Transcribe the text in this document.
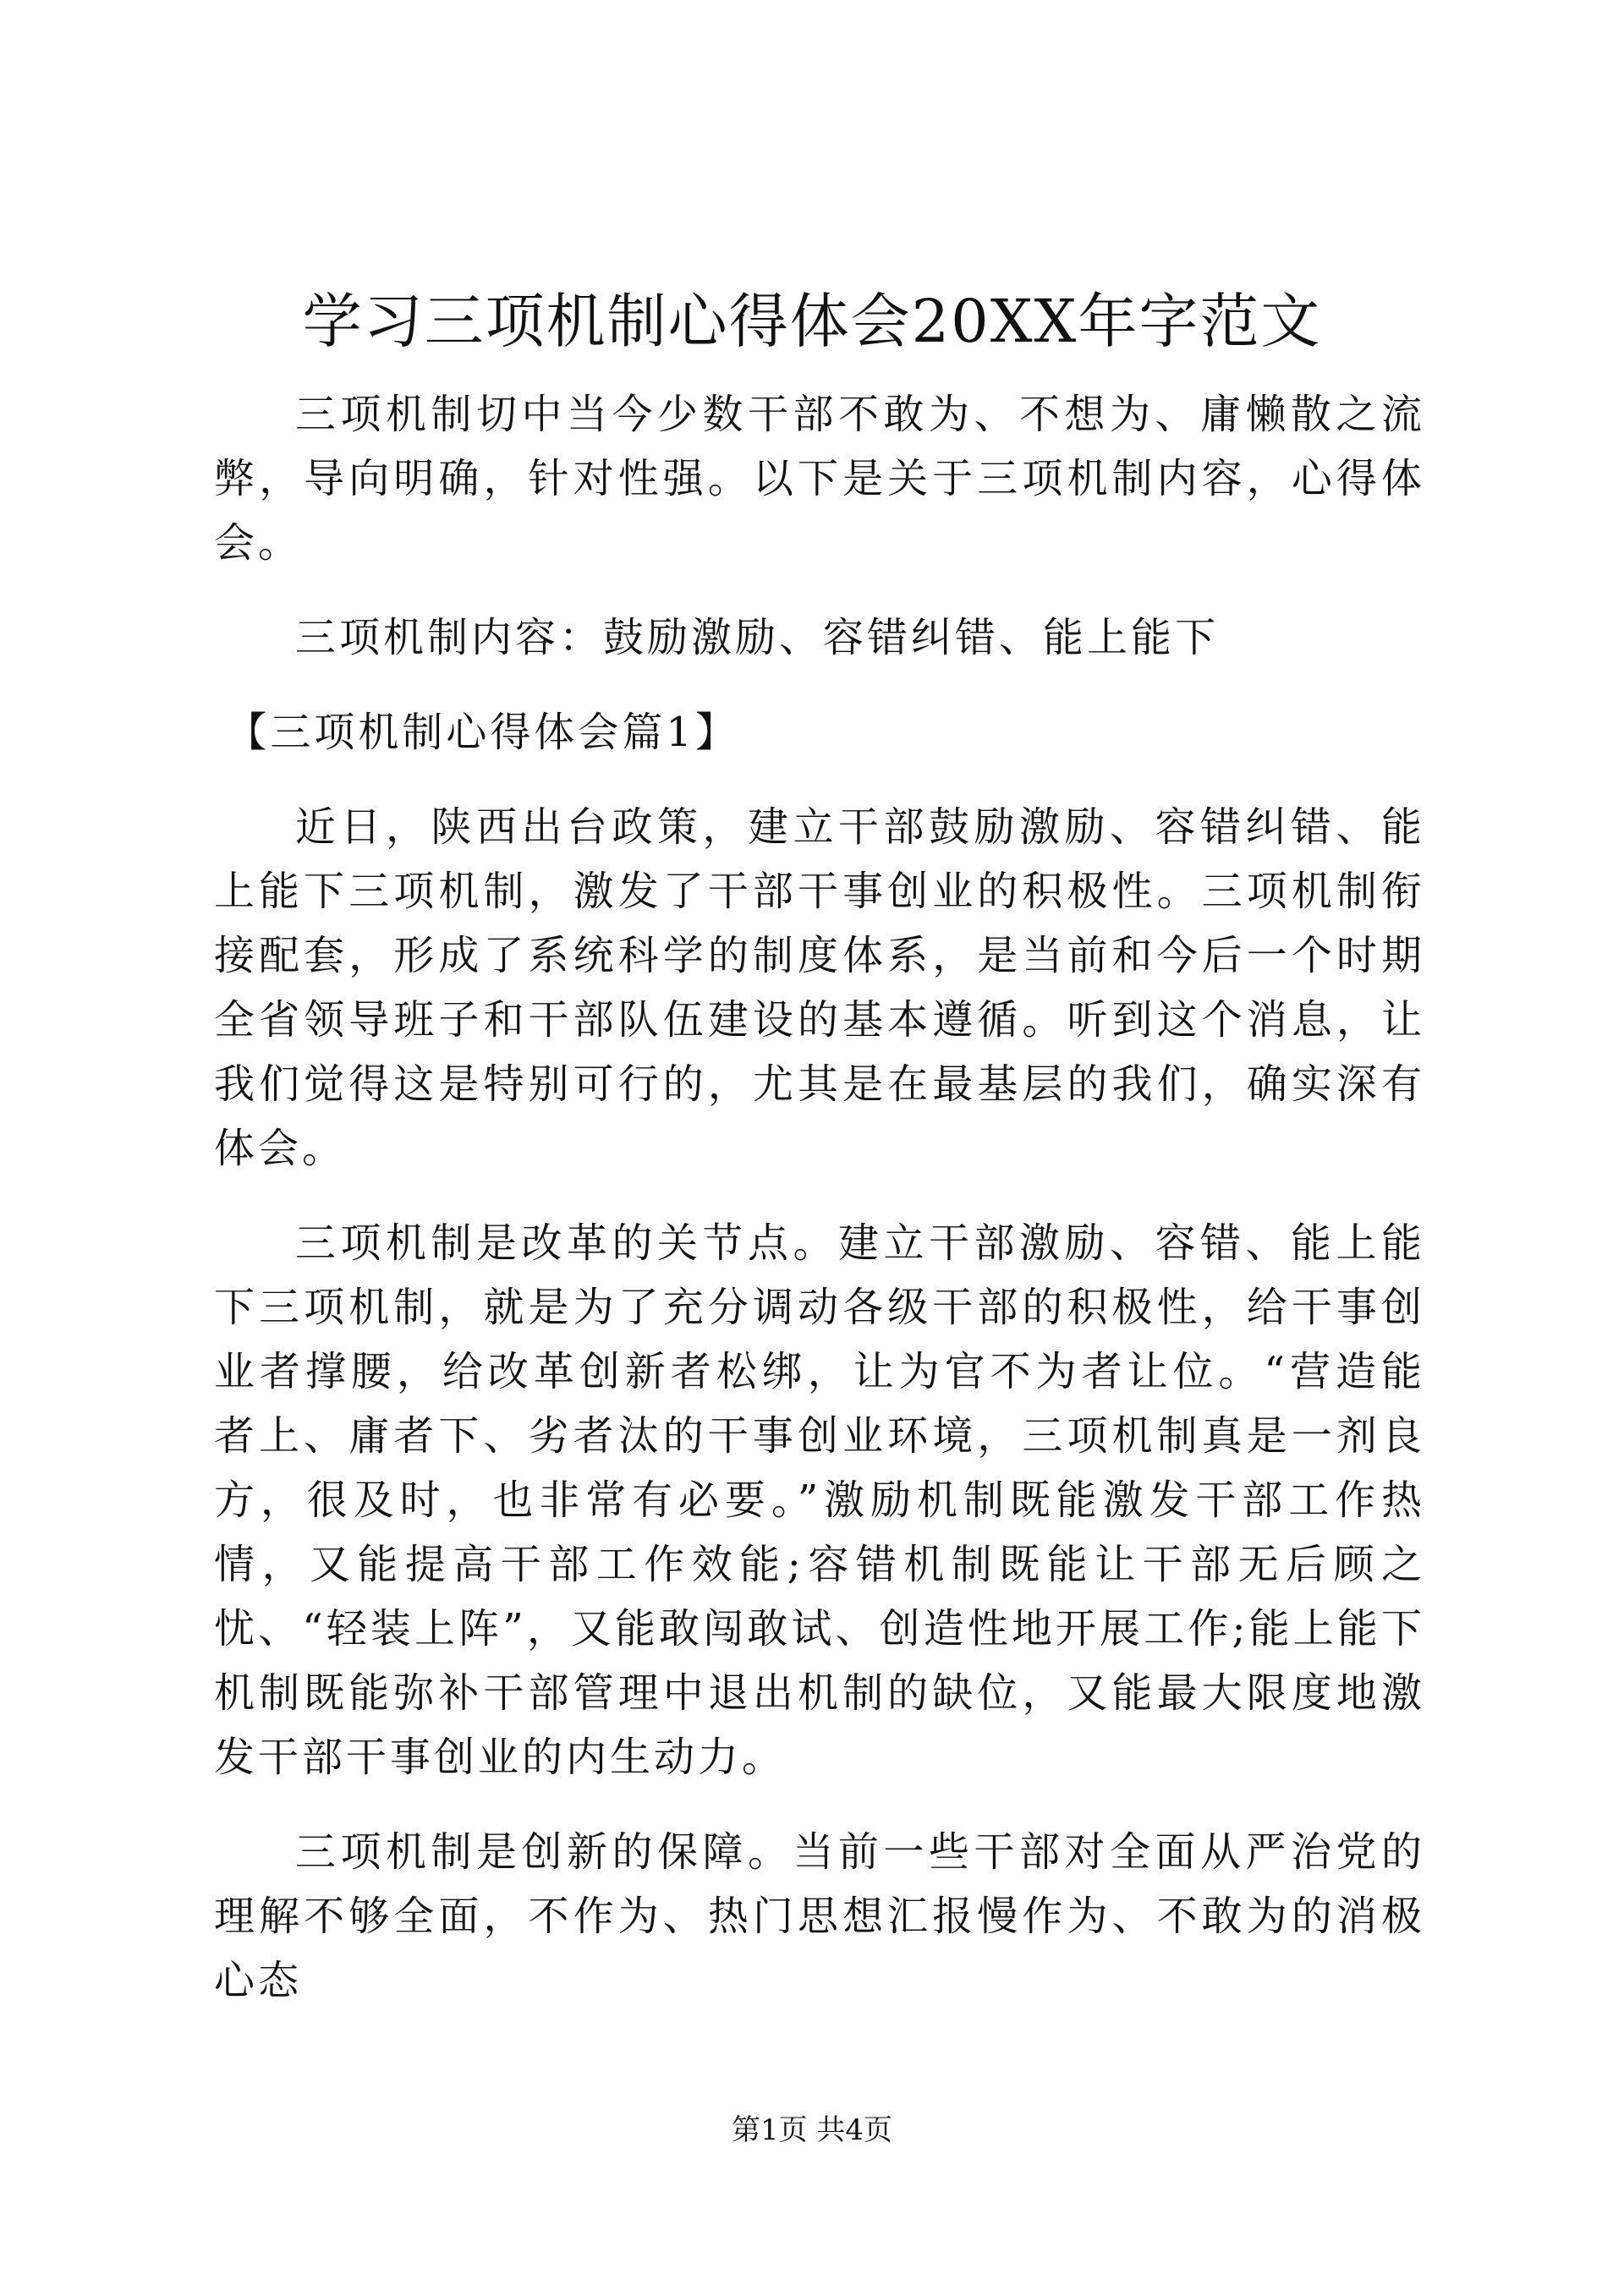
学习三项机制心得体会20XX年字范文

三项机制切中当今少数干部不敢为、不想为、庸懒散之流弊，导向明确，针对性强。以下是关于三项机制内容，心得体会。

三项机制内容：鼓励激励、容错纠错、能上能下

【三项机制心得体会篇1】

近日，陕西出台政策，建立干部鼓励激励、容错纠错、能上能下三项机制，激发了干部干事创业的积极性。三项机制衔接配套，形成了系统科学的制度体系，是当前和今后一个时期全省领导班子和干部队伍建设的基本遵循。听到这个消息，让我们觉得这是特别可行的，尤其是在最基层的我们，确实深有体会。

三项机制是改革的关节点。建立干部激励、容错、能上能下三项机制，就是为了充分调动各级干部的积极性，给干事创业者撑腰，给改革创新者松绑，让为官不为者让位。“营造能者上、庸者下、劣者汰的干事创业环境，三项机制真是一剂良方，很及时，也非常有必要。”激励机制既能激发干部工作热情，又能提高干部工作效能;容错机制既能让干部无后顾之忧、“轻装上阵”，又能敢闯敢试、创造性地开展工作;能上能下机制既能弥补干部管理中退出机制的缺位，又能最大限度地激发干部干事创业的内生动力。

三项机制是创新的保障。当前一些干部对全面从严治党的理解不够全面，不作为、热门思想汇报慢作为、不敢为的消极心态

第1页 共4页
